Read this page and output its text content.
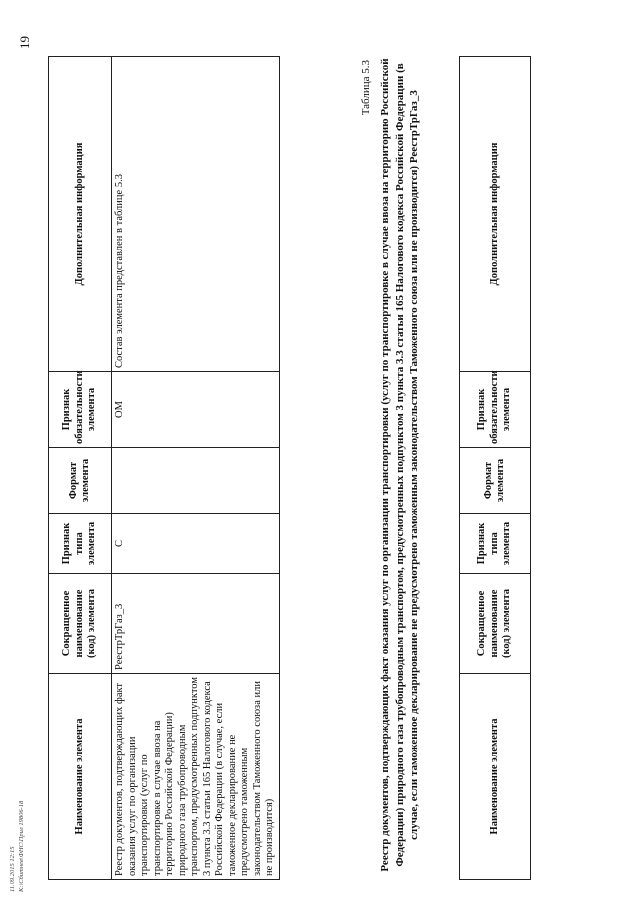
11.09.2015 12:15 К:\Сбитнев\ФНС\Прил 19806-18
19
Наименование элемента	Сокращенное наименование (код) элемента	Признак типа элемента	Формат элемента	Признак обязательности элемента	Дополнительная информация
Реестр документов, подтверждающих факт оказания услуг по организации транспортировки (услуг по транспортировке в случае ввоза на территорию Российской Федерации) природного газа трубопроводным транспортом, предусмотренных подпунктом 3 пункта 3.3 статьи 165 Налогового кодекса Российской Федерации (в случае, если таможенное декларирование не предусмотрено таможенным законодательством Таможенного союза или не производится)	РеестрТрГаз_3	С		ОМ	Состав элемента представлен в таблице 5.3
Таблица 5.3 Реестр документов, подтверждающих факт оказания услуг по организации транспортировки (услуг по транспортировке в случае ввоза на территорию Российской Федерации) природного газа трубопроводным транспортом, предусмотренных подпунктом 3 пункта 3.3 статьи 165 Налогового кодекса Российской Федерации (в случае, если таможенное декларирование не предусмотрено таможенным законодательством Таможенного союза или не производится) РеестрТрГаз_3	Наименование элемента	Сокращенное наименование (код) элемента	Признак типа элемента	Формат элемента	Признак обязательности элемента	Дополнительная информация
